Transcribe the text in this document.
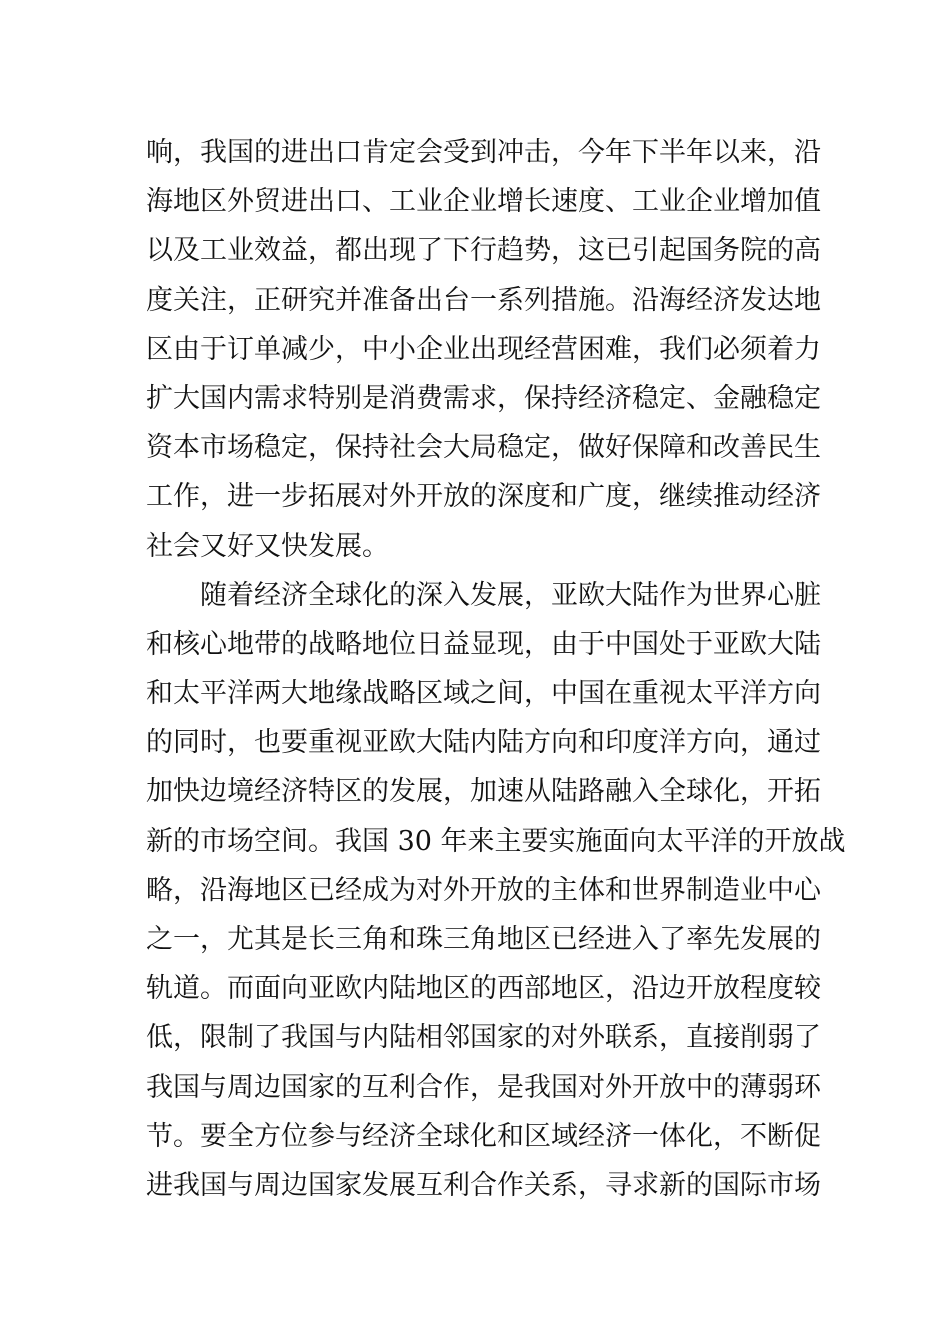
响，我国的进出口肯定会受到冲击，今年下半年以来，沿
海地区外贸进出口、工业企业增长速度、工业企业增加值
以及工业效益，都出现了下行趋势，这已引起国务院的高
度关注，正研究并准备出台一系列措施。沿海经济发达地
区由于订单减少，中小企业出现经营困难，我们必须着力
扩大国内需求特别是消费需求，保持经济稳定、金融稳定
资本市场稳定，保持社会大局稳定，做好保障和改善民生
工作，进一步拓展对外开放的深度和广度，继续推动经济
社会又好又快发展。
随着经济全球化的深入发展，亚欧大陆作为世界心脏
和核心地带的战略地位日益显现，由于中国处于亚欧大陆
和太平洋两大地缘战略区域之间，中国在重视太平洋方向
的同时，也要重视亚欧大陆内陆方向和印度洋方向，通过
加快边境经济特区的发展，加速从陆路融入全球化，开拓
新的市场空间。我国 30 年来主要实施面向太平洋的开放战
略，沿海地区已经成为对外开放的主体和世界制造业中心
之一，尤其是长三角和珠三角地区已经进入了率先发展的
轨道。而面向亚欧内陆地区的西部地区，沿边开放程度较
低，限制了我国与内陆相邻国家的对外联系，直接削弱了
我国与周边国家的互利合作，是我国对外开放中的薄弱环
节。要全方位参与经济全球化和区域经济一体化，不断促
进我国与周边国家发展互利合作关系，寻求新的国际市场
